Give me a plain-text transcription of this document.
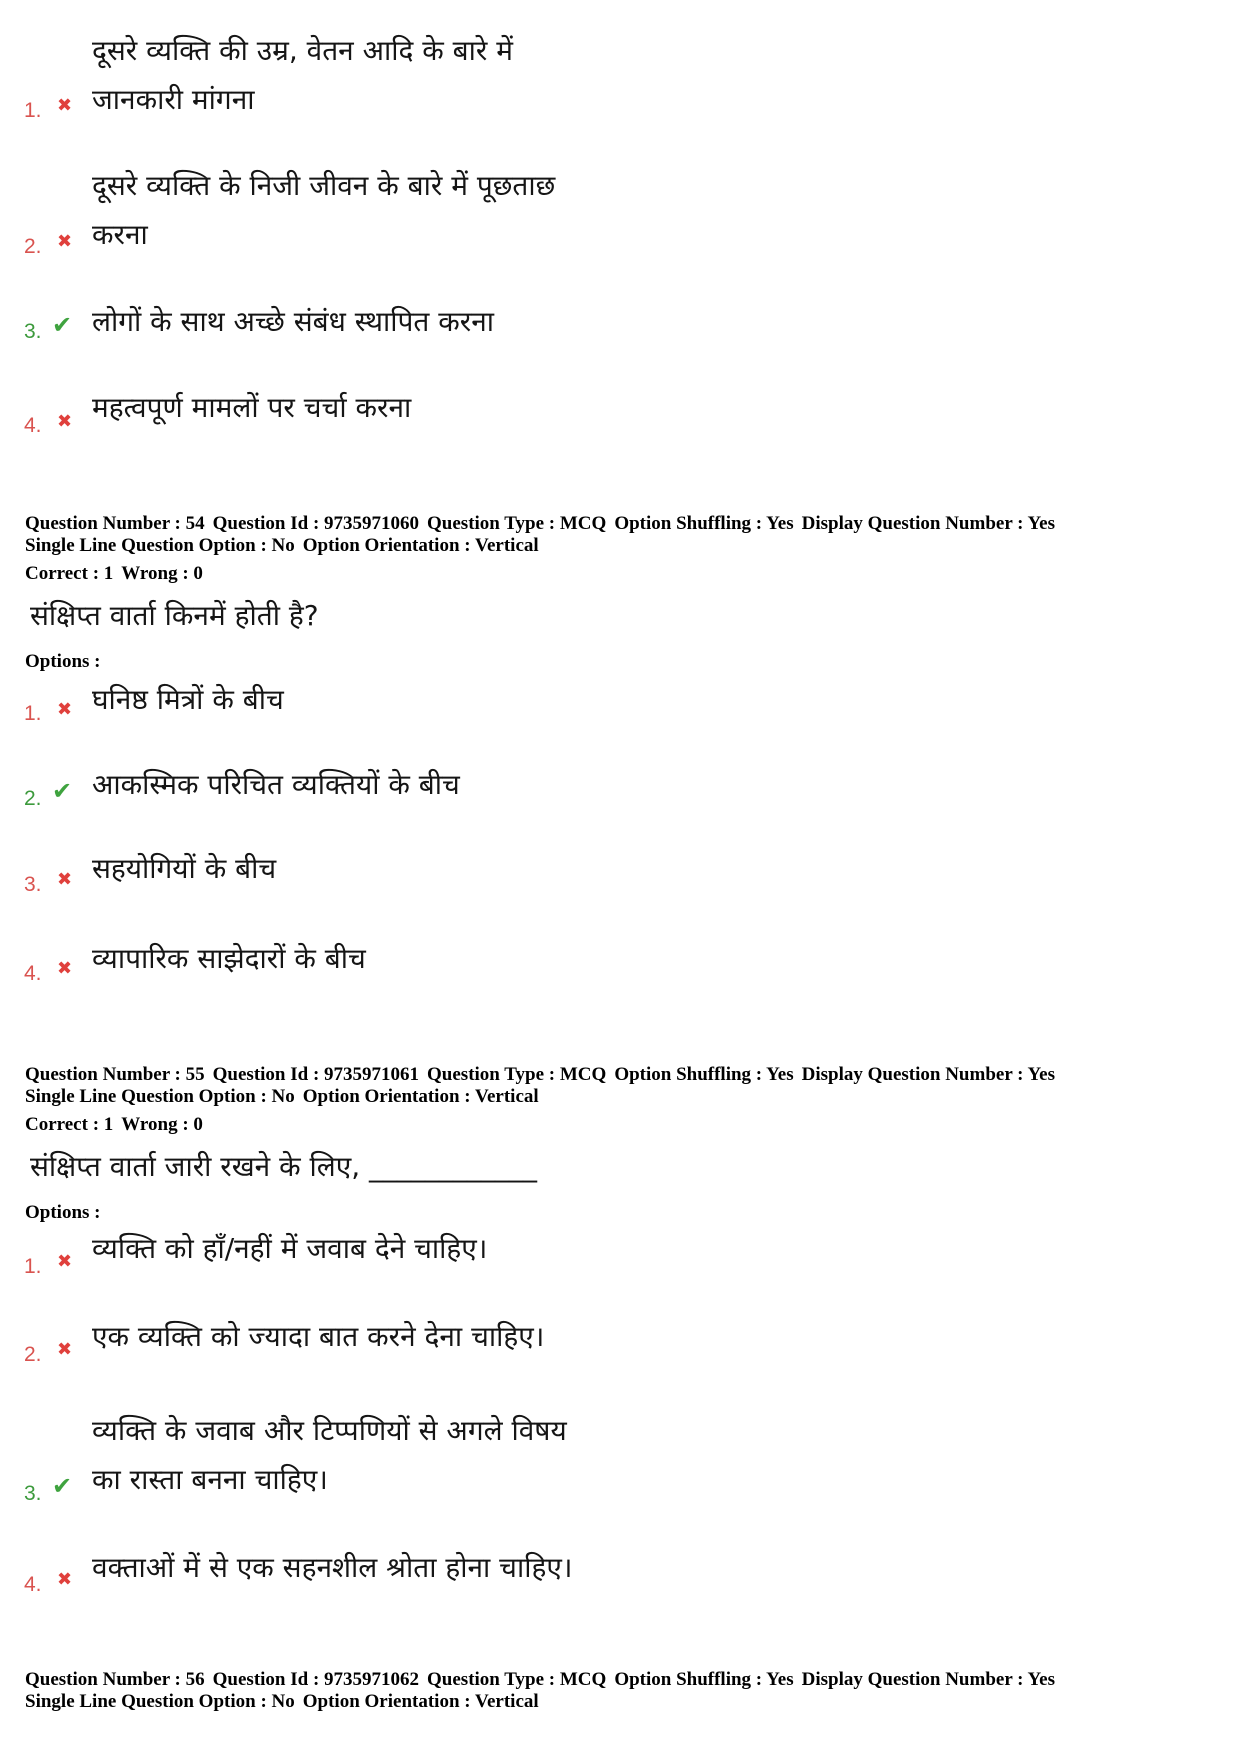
दूसरे व्यक्ति की उम्र, वेतन आदि के बारे में
जानकारी मांगना
1. ✖
दूसरे व्यक्ति के निजी जीवन के बारे में पूछताछ
करना
2. ✖
लोगों के साथ अच्छे संबंध स्थापित करना
3. ✔
महत्वपूर्ण मामलों पर चर्चा करना
4. ✖
Question Number : 54 Question Id : 9735971060 Question Type : MCQ Option Shuffling : Yes Display Question Number : Yes
Single Line Question Option : No Option Orientation : Vertical
Correct : 1 Wrong : 0
संक्षिप्त वार्ता किनमें होती है?
Options :
घनिष्ठ मित्रों के बीच
1. ✖
आकस्मिक परिचित व्यक्तियों के बीच
2. ✔
सहयोगियों के बीच
3. ✖
व्यापारिक साझेदारों के बीच
4. ✖
Question Number : 55 Question Id : 9735971061 Question Type : MCQ Option Shuffling : Yes Display Question Number : Yes
Single Line Question Option : No Option Orientation : Vertical
Correct : 1 Wrong : 0
संक्षिप्त वार्ता जारी रखने के लिए, ____________
Options :
व्यक्ति को हाँ/नहीं में जवाब देने चाहिए।
1. ✖
एक व्यक्ति को ज्यादा बात करने देना चाहिए।
2. ✖
व्यक्ति के जवाब और टिप्पणियों से अगले विषय
का रास्ता बनना चाहिए।
3. ✔
वक्ताओं में से एक सहनशील श्रोता होना चाहिए।
4. ✖
Question Number : 56 Question Id : 9735971062 Question Type : MCQ Option Shuffling : Yes Display Question Number : Yes
Single Line Question Option : No Option Orientation : Vertical
